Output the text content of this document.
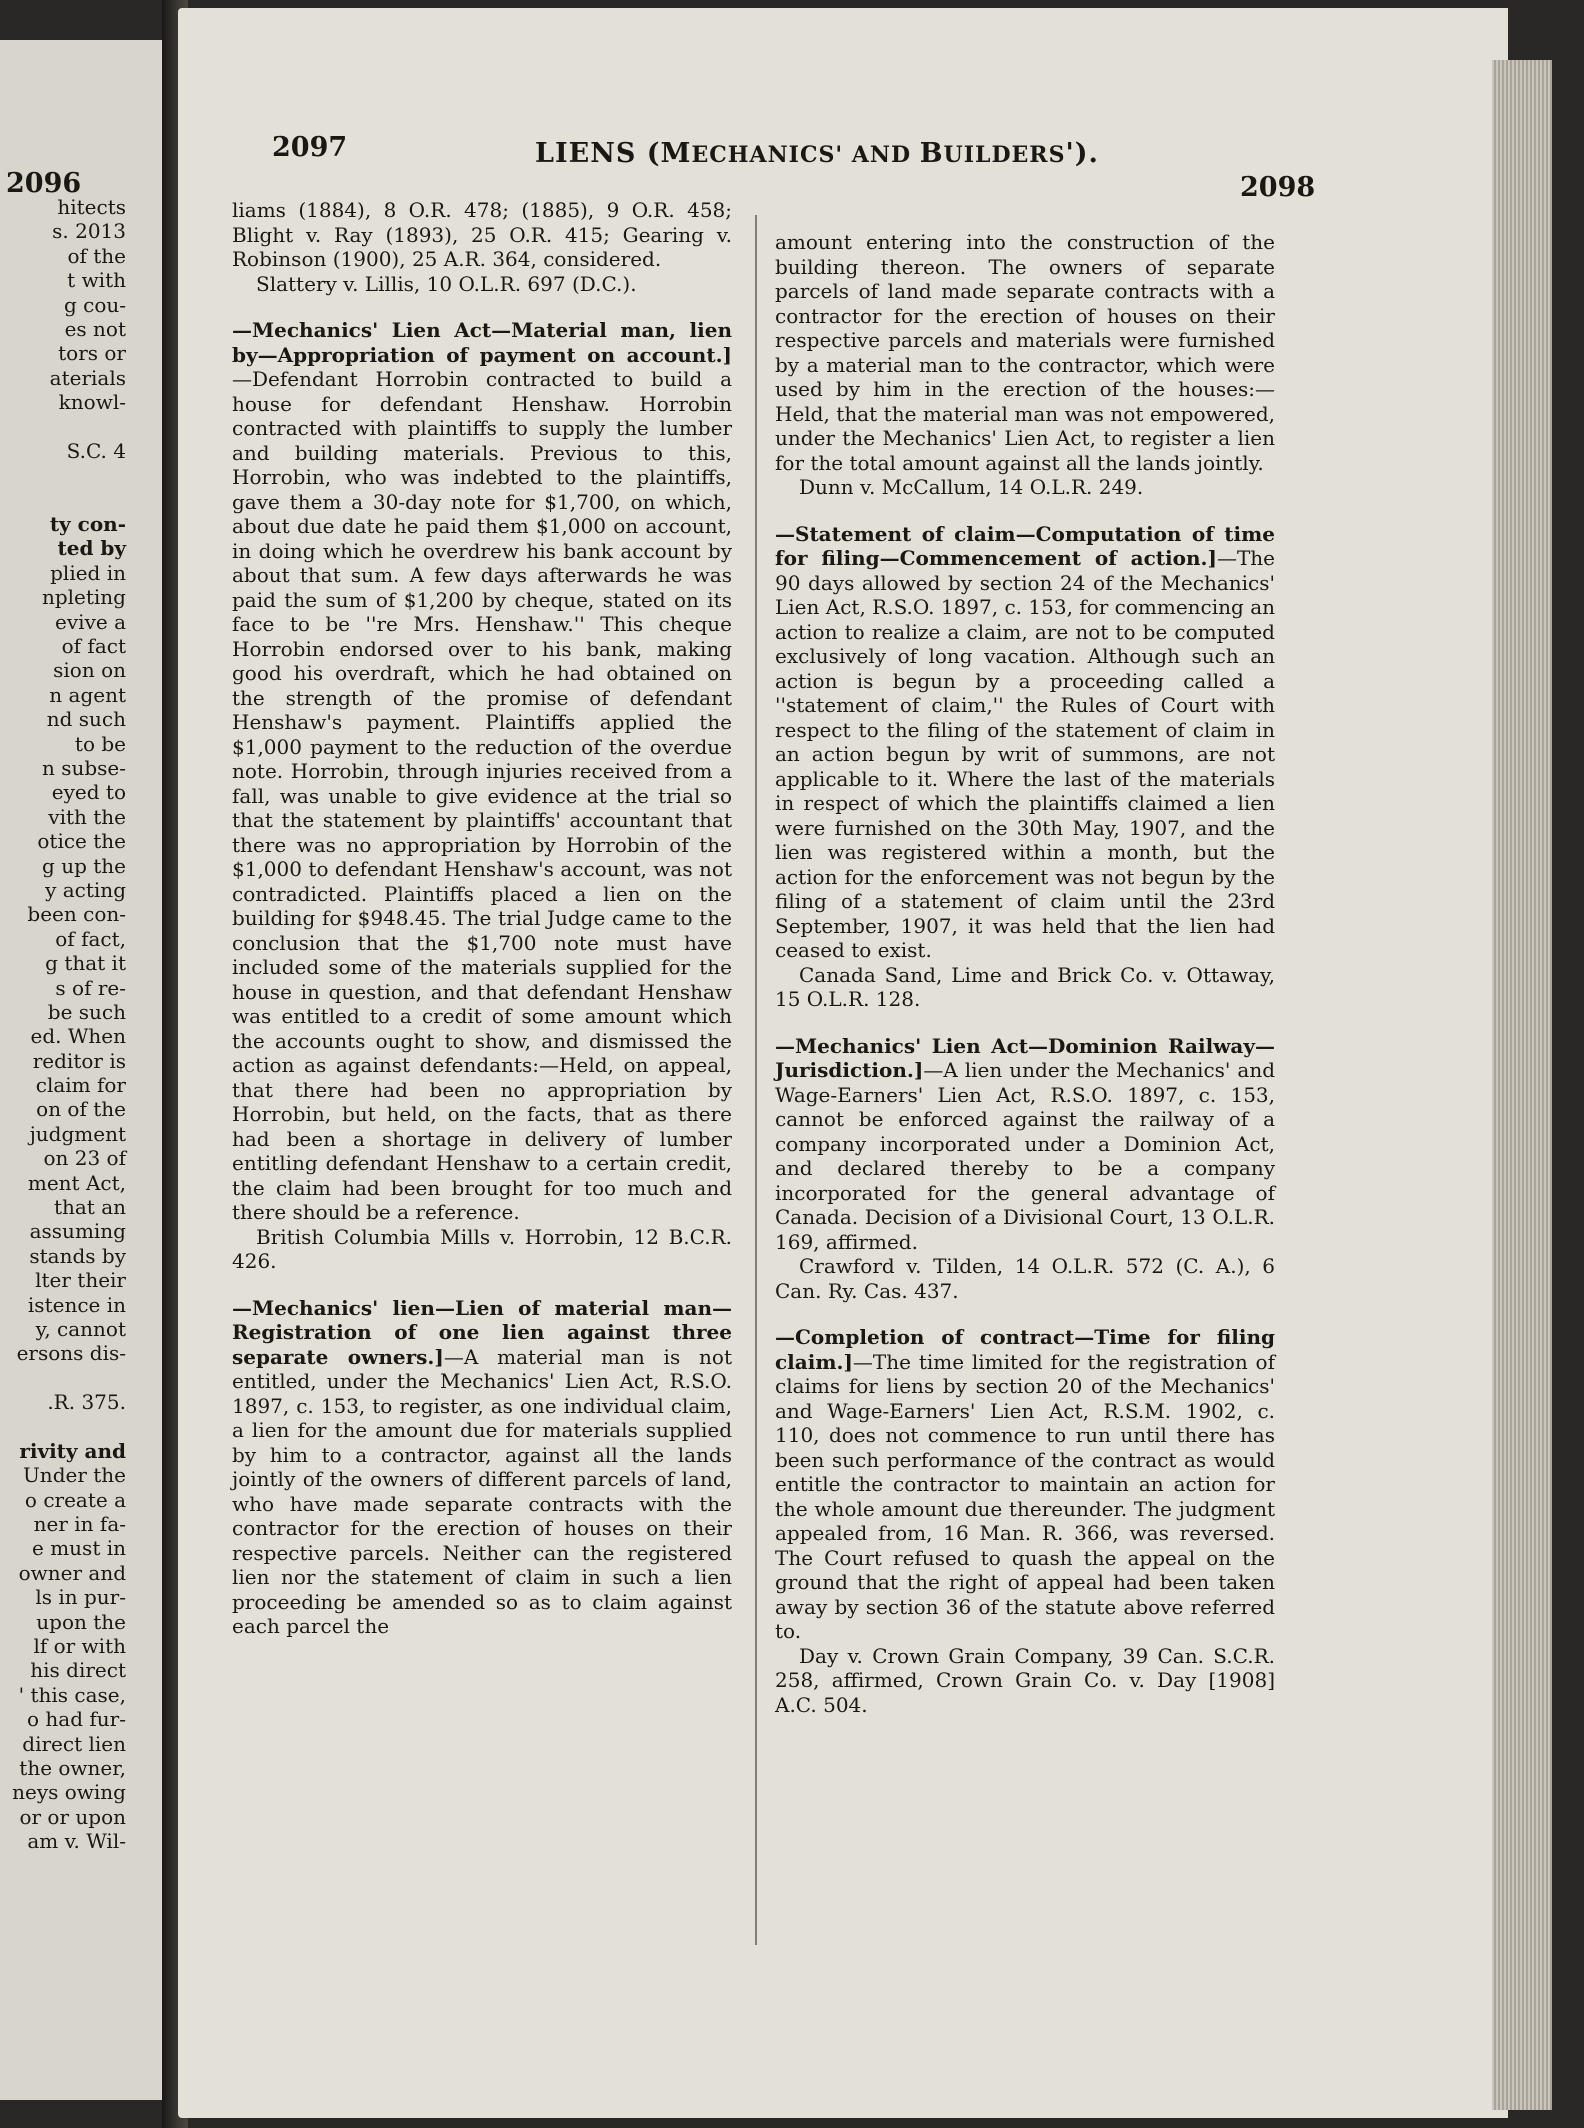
2096
hitects
s. 2013
of the
t with
g cou-
es not
tors or
aterials
knowl-
S.C. 4
ty con-
ted by
plied in
npleting
evive a
of fact
sion on
n agent
nd such
to be
n subse-
eyed to
vith the
otice the
g up the
y acting
been con-
of fact,
g that it
s of re-
be such
ed. When
reditor is
claim for
on of the
judgment
on 23 of
ment Act,
that an
assuming
stands by
lter their
istence in
y, cannot
ersons dis-
.R. 375.
rivity and
Under the
o create a
ner in fa-
e must in
owner and
ls in pur-
upon the
lf or with
his direct
' this case,
o had fur-
direct lien
the owner,
neys owing
or or upon
am v. Wil-
2097	LIENS (MECHANICS' AND BUILDERS').
2098

liams (1884), 8 O.R. 478; (1885), 9 O.R. 458; Blight v. Ray (1893), 25 O.R. 415; Gearing v. Robinson (1900), 25 A.R. 364, considered.

Slattery v. Lillis, 10 O.L.R. 697 (D.C.).

—Mechanics' Lien Act—Material man, lien by—Appropriation of payment on account.]—Defendant Horrobin contracted to build a house for defendant Henshaw. Horrobin contracted with plaintiffs to supply the lumber and building materials. Previous to this, Horrobin, who was indebted to the plaintiffs, gave them a 30-day note for $1,700, on which, about due date he paid them $1,000 on account, in doing which he overdrew his bank account by about that sum. A few days afterwards he was paid the sum of $1,200 by cheque, stated on its face to be ''re Mrs. Henshaw.'' This cheque Horrobin endorsed over to his bank, making good his overdraft, which he had obtained on the strength of the promise of defendant Henshaw's payment. Plaintiffs applied the $1,000 payment to the reduction of the overdue note. Horrobin, through injuries received from a fall, was unable to give evidence at the trial so that the statement by plaintiffs' accountant that there was no appropriation by Horrobin of the $1,000 to defendant Henshaw's account, was not contradicted. Plaintiffs placed a lien on the building for $948.45. The trial Judge came to the conclusion that the $1,700 note must have included some of the materials supplied for the house in question, and that defendant Henshaw was entitled to a credit of some amount which the accounts ought to show, and dismissed the action as against defendants:—Held, on appeal, that there had been no appropriation by Horrobin, but held, on the facts, that as there had been a shortage in delivery of lumber entitling defendant Henshaw to a certain credit, the claim had been brought for too much and there should be a reference.

British Columbia Mills v. Horrobin, 12 B.C.R. 426.

—Mechanics' lien—Lien of material man—Registration of one lien against three separate owners.]—A material man is not entitled, under the Mechanics' Lien Act, R.S.O. 1897, c. 153, to register, as one individual claim, a lien for the amount due for materials supplied by him to a contractor, against all the lands jointly of the owners of different parcels of land, who have made separate contracts with the contractor for the erection of houses on their respective parcels. Neither can the registered lien nor the statement of claim in such a lien proceeding be amended so as to claim against each parcel the

amount entering into the construction of the building thereon. The owners of separate parcels of land made separate contracts with a contractor for the erection of houses on their respective parcels and materials were furnished by a material man to the contractor, which were used by him in the erection of the houses:—Held, that the material man was not empowered, under the Mechanics' Lien Act, to register a lien for the total amount against all the lands jointly.

Dunn v. McCallum, 14 O.L.R. 249.

—Statement of claim—Computation of time for filing—Commencement of action.]—The 90 days allowed by section 24 of the Mechanics' Lien Act, R.S.O. 1897, c. 153, for commencing an action to realize a claim, are not to be computed exclusively of long vacation. Although such an action is begun by a proceeding called a ''statement of claim,'' the Rules of Court with respect to the filing of the statement of claim in an action begun by writ of summons, are not applicable to it. Where the last of the materials in respect of which the plaintiffs claimed a lien were furnished on the 30th May, 1907, and the lien was registered within a month, but the action for the enforcement was not begun by the filing of a statement of claim until the 23rd September, 1907, it was held that the lien had ceased to exist.

Canada Sand, Lime and Brick Co. v. Ottaway, 15 O.L.R. 128.

—Mechanics' Lien Act—Dominion Railway—Jurisdiction.]—A lien under the Mechanics' and Wage-Earners' Lien Act, R.S.O. 1897, c. 153, cannot be enforced against the railway of a company incorporated under a Dominion Act, and declared thereby to be a company incorporated for the general advantage of Canada. Decision of a Divisional Court, 13 O.L.R. 169, affirmed.

Crawford v. Tilden, 14 O.L.R. 572 (C. A.), 6 Can. Ry. Cas. 437.

—Completion of contract—Time for filing claim.]—The time limited for the registration of claims for liens by section 20 of the Mechanics' and Wage-Earners' Lien Act, R.S.M. 1902, c. 110, does not commence to run until there has been such performance of the contract as would entitle the contractor to maintain an action for the whole amount due thereunder. The judgment appealed from, 16 Man. R. 366, was reversed. The Court refused to quash the appeal on the ground that the right of appeal had been taken away by section 36 of the statute above referred to.

Day v. Crown Grain Company, 39 Can. S.C.R. 258, affirmed, Crown Grain Co. v. Day [1908] A.C. 504.
